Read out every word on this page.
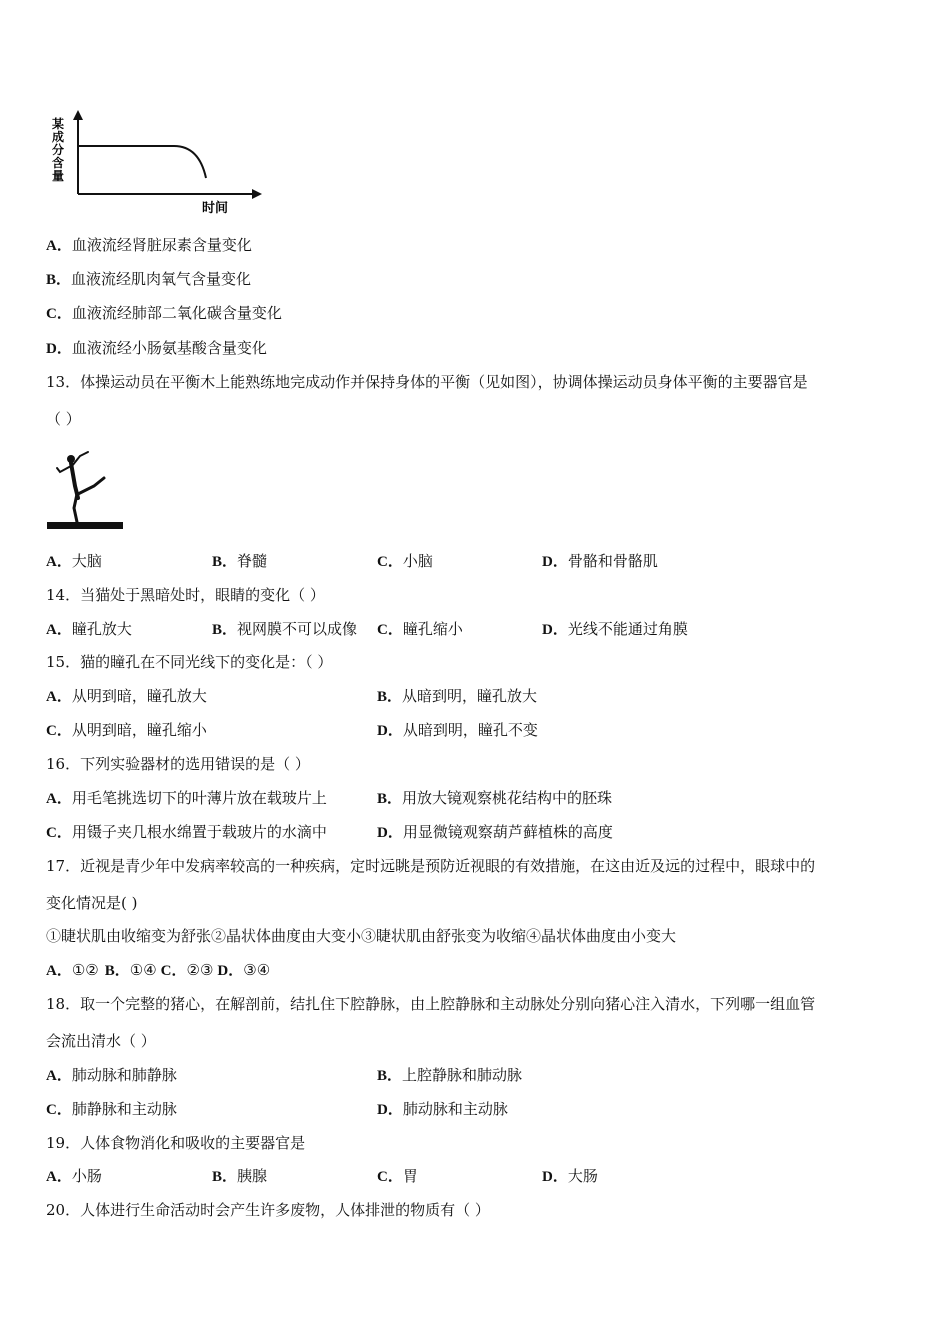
某
成
分
含
量
时间
A．血液流经肾脏尿素含量变化
B．血液流经肌肉氧气含量变化
C．血液流经肺部二氧化碳含量变化
D．血液流经小肠氨基酸含量变化
13．体操运动员在平衡木上能熟练地完成动作并保持身体的平衡（见如图），协调体操运动员身体平衡的主要器官是
（ ）
A．大脑	B．脊髓	C．小脑	D．骨骼和骨骼肌
14．当猫处于黑暗处时，眼睛的变化（ ）
A．瞳孔放大	B．视网膜不可以成像 C．瞳孔缩小	D．光线不能通过角膜
15．猫的瞳孔在不同光线下的变化是：（ ）
A．从明到暗，瞳孔放大	B．从暗到明，瞳孔放大
C．从明到暗，瞳孔缩小	D．从暗到明，瞳孔不变
16．下列实验器材的选用错误的是（ ）
A．用毛笔挑选切下的叶薄片放在载玻片上	B．用放大镜观察桃花结构中的胚珠
C．用镊子夹几根水绵置于载玻片的水滴中	D．用显微镜观察葫芦藓植株的高度
17．近视是青少年中发病率较高的一种疾病，定时远眺是预防近视眼的有效措施，在这由近及远的过程中，眼球中的
变化情况是( )
①睫状肌由收缩变为舒张②晶状体曲度由大变小③睫状肌由舒张变为收缩④晶状体曲度由小变大
A．①② B．①④ C．②③ D．③④
18．取一个完整的猪心，在解剖前，结扎住下腔静脉，由上腔静脉和主动脉处分别向猪心注入清水，下列哪一组血管
会流出清水（ ）
A．肺动脉和肺静脉	B．上腔静脉和肺动脉
C．肺静脉和主动脉	D．肺动脉和主动脉
19．人体食物消化和吸收的主要器官是
A．小肠	B．胰腺	C．胃	D．大肠
20．人体进行生命活动时会产生许多废物，人体排泄的物质有（ ）
